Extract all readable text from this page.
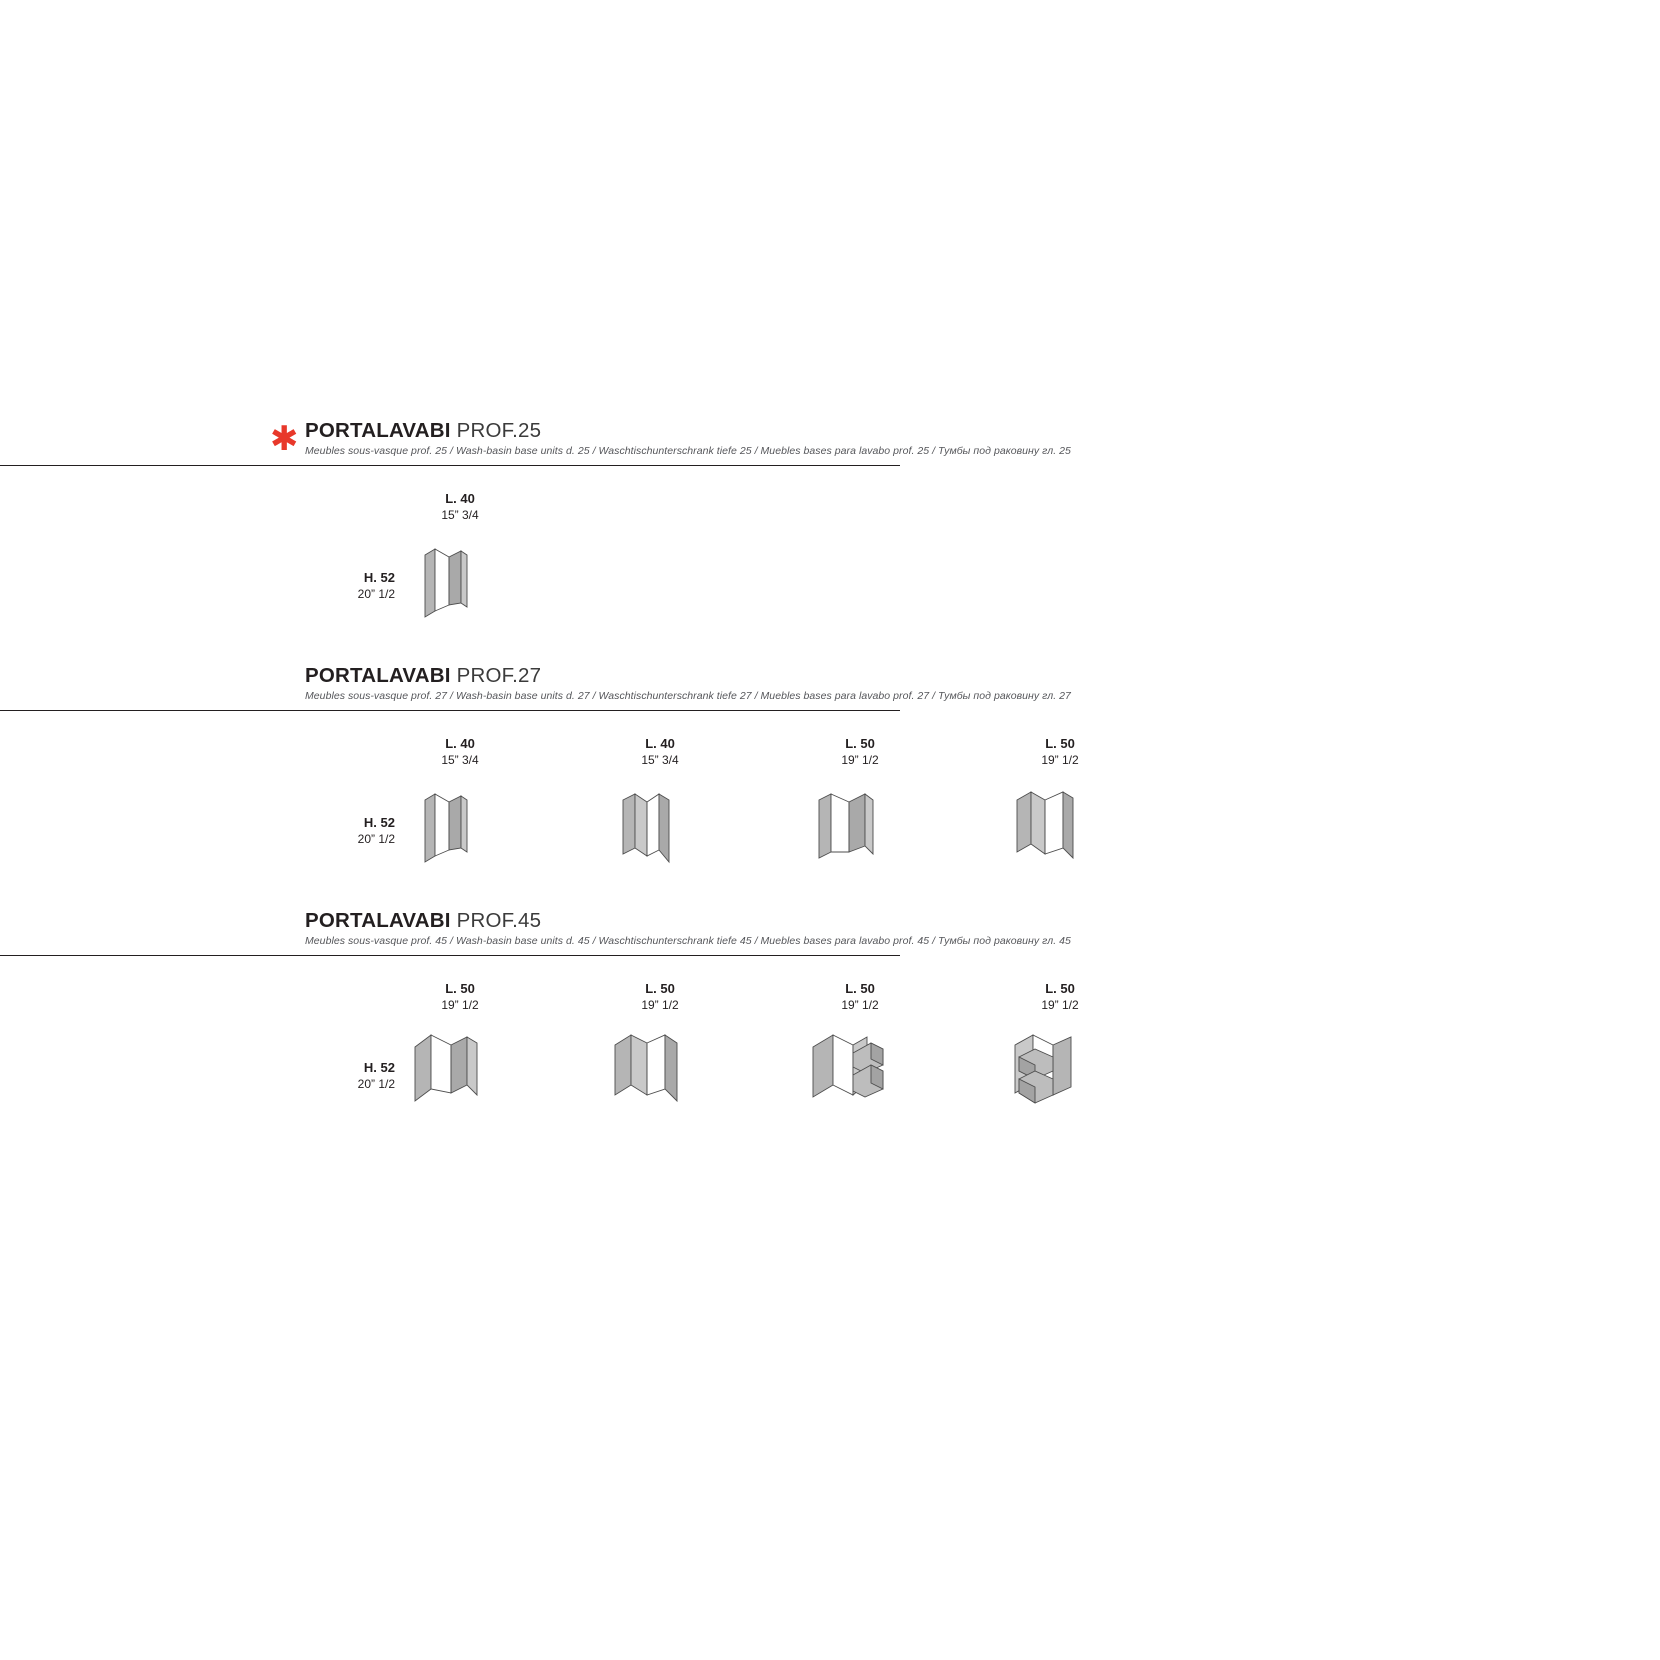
✱ PORTALAVABI PROF.25
Meubles sous-vasque prof. 25 / Wash-basin base units d. 25 / Waschtischunterschrank tiefe 25 / Muebles bases para lavabo prof. 25 / Тумбы под раковину гл. 25
H. 52
20” 1/2
L. 40
15” 3/4
PORTALAVABI PROF.27
Meubles sous-vasque prof. 27 / Wash-basin base units d. 27 / Waschtischunterschrank tiefe 27 / Muebles bases para lavabo prof. 27 / Тумбы под раковину гл. 27
H. 52
20” 1/2
L. 40
15” 3/4
L. 40
15” 3/4
L. 50
19” 1/2
L. 50
19” 1/2
PORTALAVABI PROF.45
Meubles sous-vasque prof. 45 / Wash-basin base units d. 45 / Waschtischunterschrank tiefe 45 / Muebles bases para lavabo prof. 45 / Тумбы под раковину гл. 45
H. 52
20” 1/2
L. 50
19” 1/2
L. 50
19” 1/2
L. 50
19” 1/2
L. 50
19” 1/2
